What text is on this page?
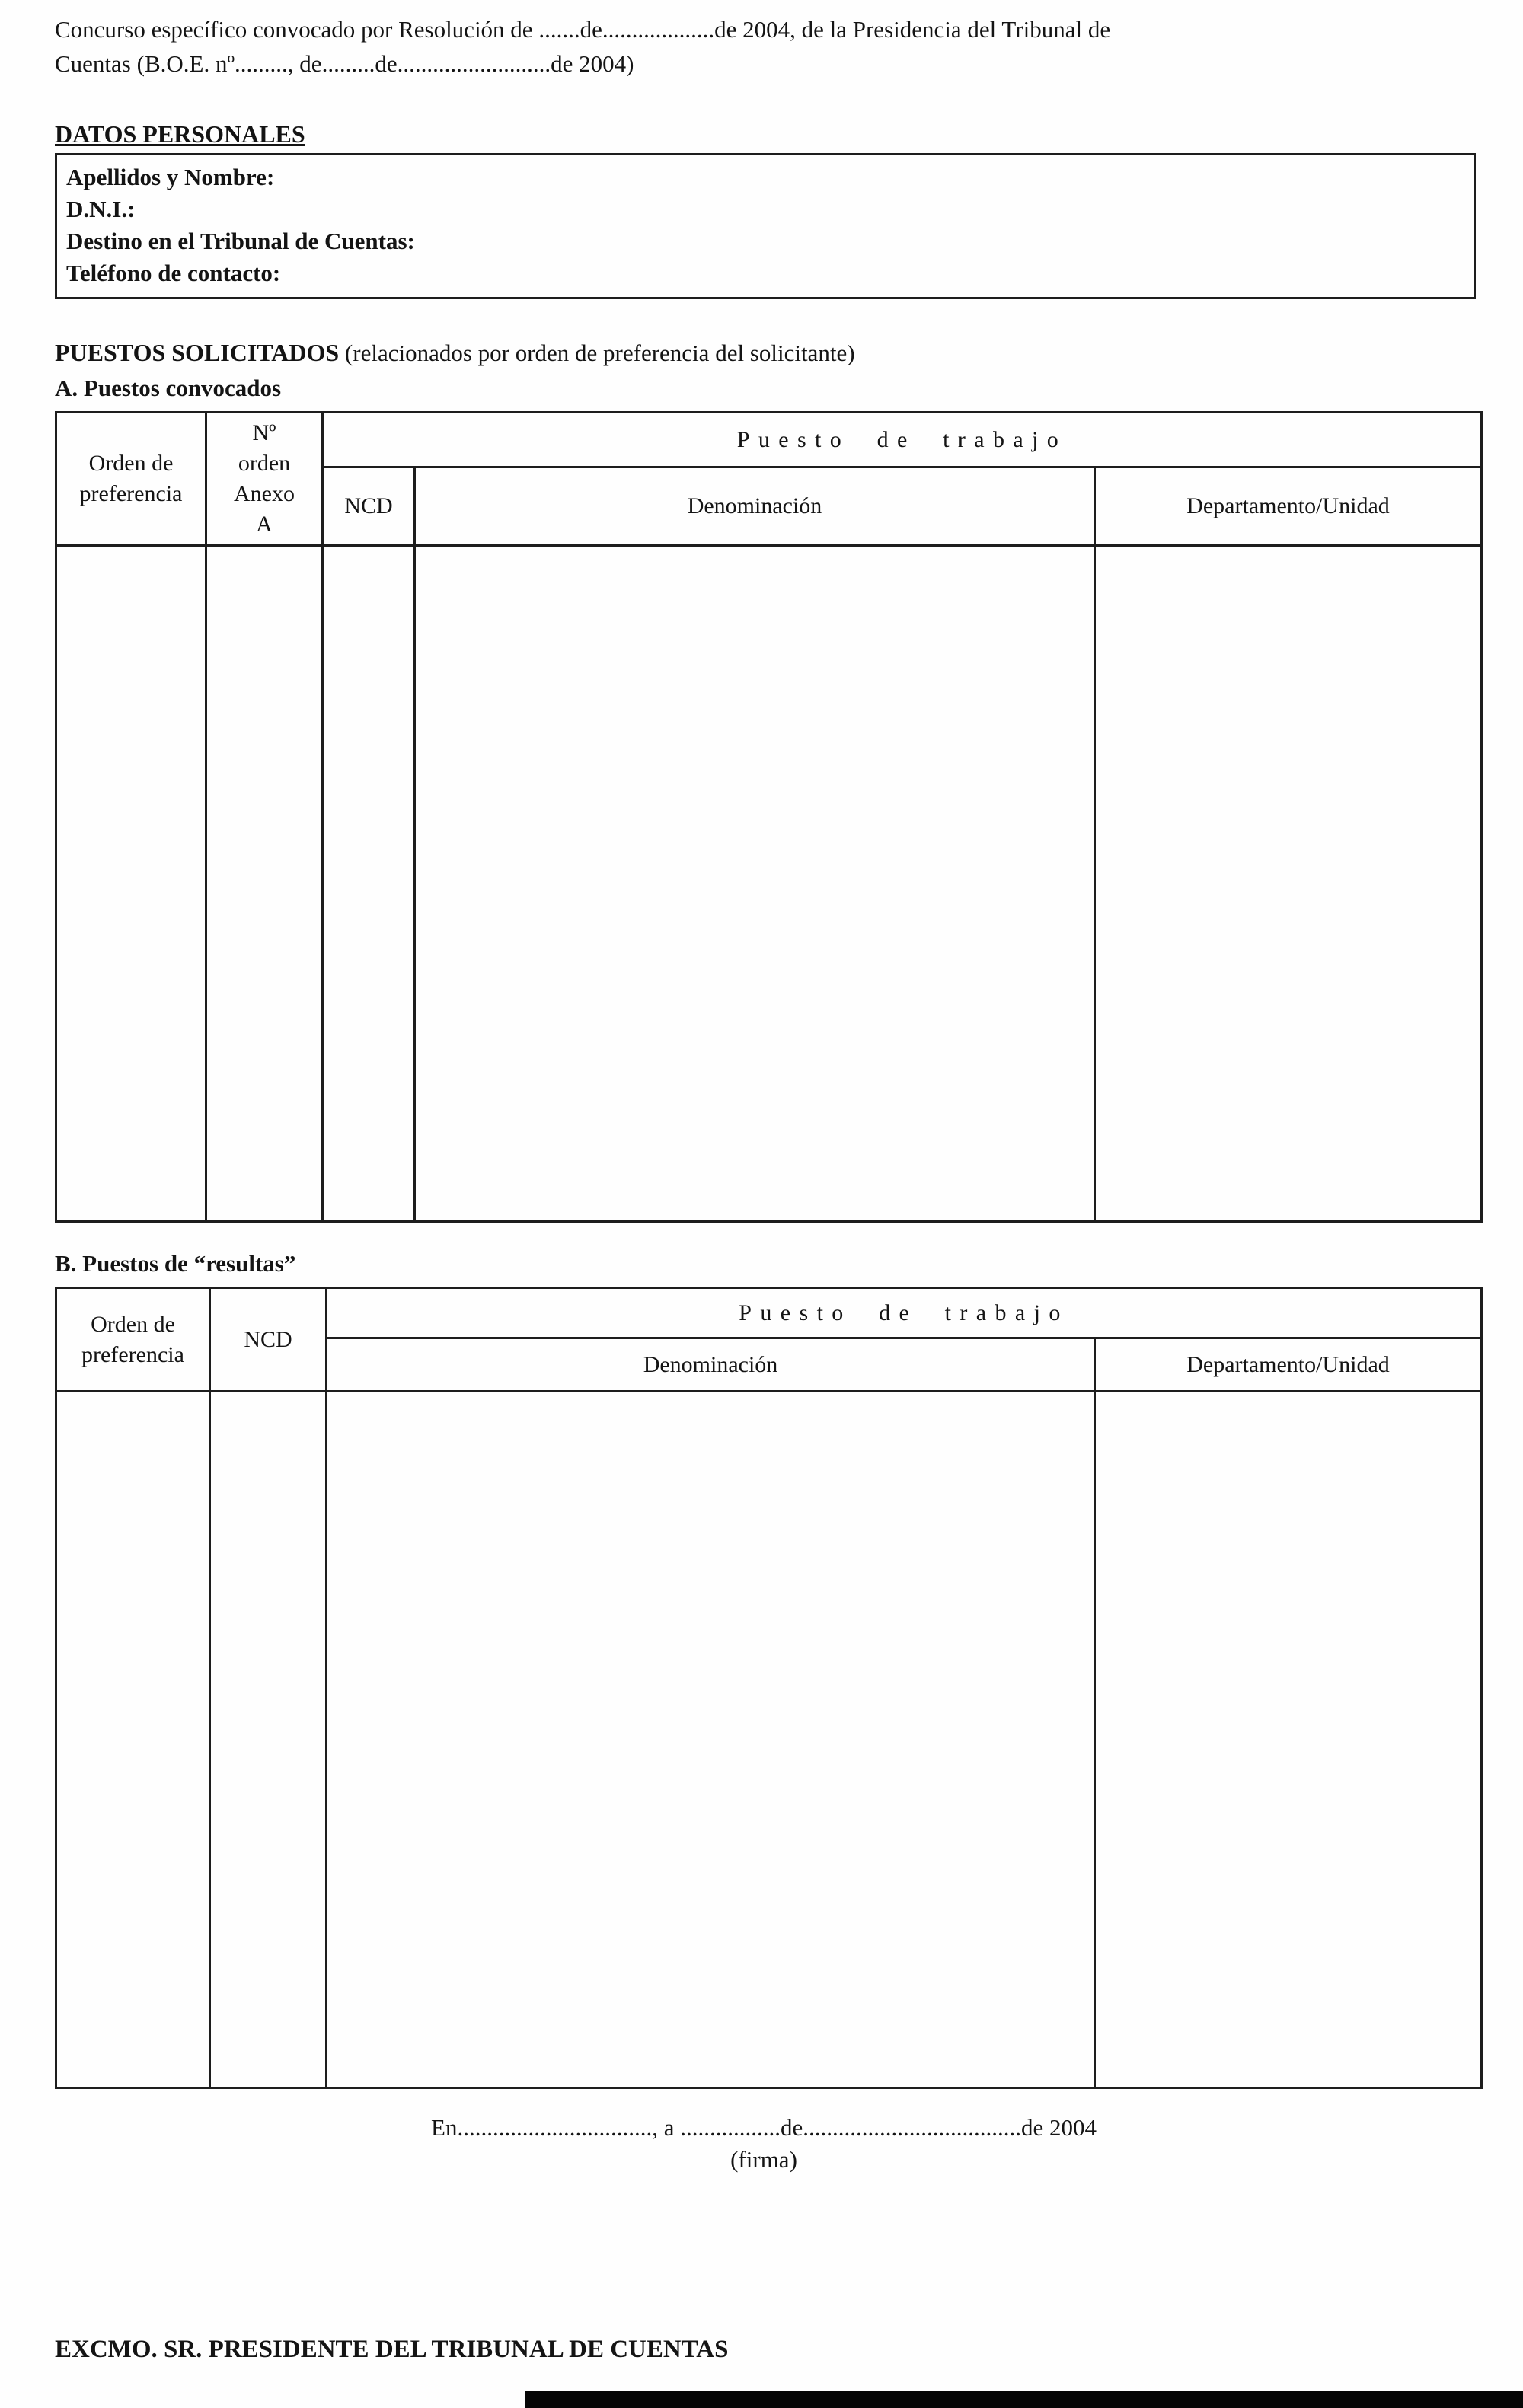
Concurso específico convocado por Resolución de .......de...................de 2004, de la Presidencia del Tribunal de
Cuentas (B.O.E. nº........., de.........de..........................de 2004)
DATOS PERSONALES
Apellidos y Nombre:
D.N.I.:
Destino en el Tribunal de Cuentas:
Teléfono de contacto:
PUESTOS SOLICITADOS (relacionados por orden de preferencia del solicitante)
A. Puestos convocados
Orden de preferencia	Nº
orden
Anexo
A	Puesto de trabajo		
		NCD	Denominación	Departamento/Unidad

B. Puestos de “resultas”
Orden de preferencia	NCD	Puesto de trabajo	
		Denominación	Departamento/Unidad

En................................., a .................de.....................................de 2004
(firma)
EXCMO. SR. PRESIDENTE DEL TRIBUNAL DE CUENTAS
